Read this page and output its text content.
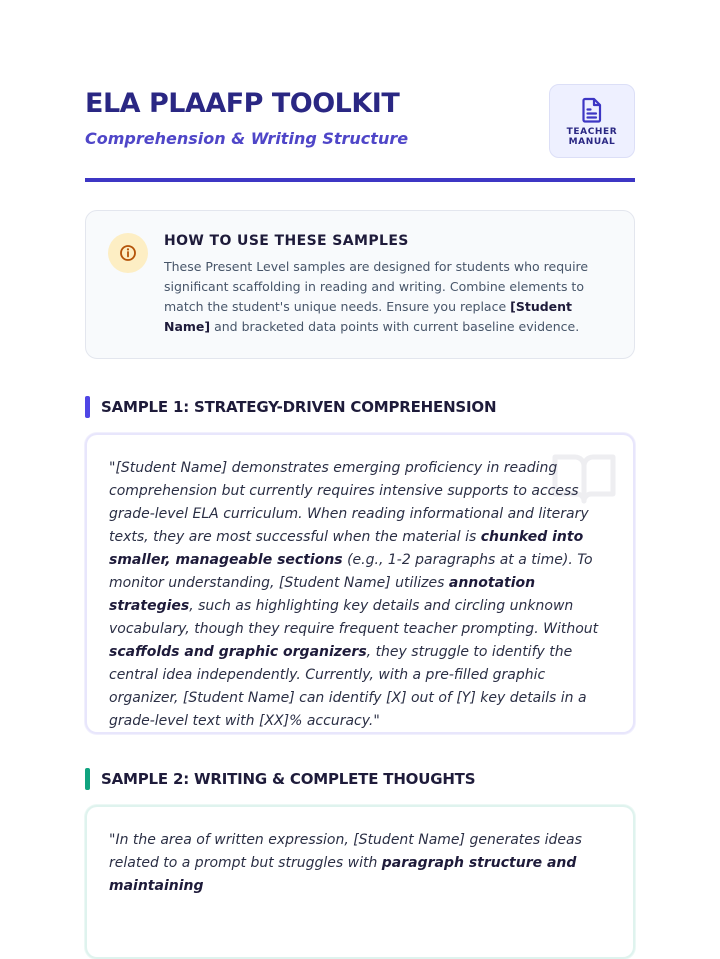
ELA PLAAFP TOOLKIT

Comprehension & Writing Structure	TEACHER
MANUAL
HOW TO USE THESE SAMPLES

These Present Level samples are designed for students who require significant scaffolding in reading and writing. Combine elements to match the student's unique needs. Ensure you replace [Student Name] and bracketed data points with current baseline evidence.

SAMPLE 1: STRATEGY-DRIVEN COMPREHENSION

"[Student Name] demonstrates emerging proficiency in reading comprehension but currently requires intensive supports to access grade-level ELA curriculum. When reading informational and literary texts, they are most successful when the material is chunked into smaller, manageable sections (e.g., 1-2 paragraphs at a time). To monitor understanding, [Student Name] utilizes annotation strategies, such as highlighting key details and circling unknown vocabulary, though they require frequent teacher prompting. Without scaffolds and graphic organizers, they struggle to identify the central idea independently. Currently, with a pre-filled graphic organizer, [Student Name] can identify [X] out of [Y] key details in a grade-level text with [XX]% accuracy."

SAMPLE 2: WRITING & COMPLETE THOUGHTS

"In the area of written expression, [Student Name] generates ideas related to a prompt but struggles with paragraph structure and maintaining
